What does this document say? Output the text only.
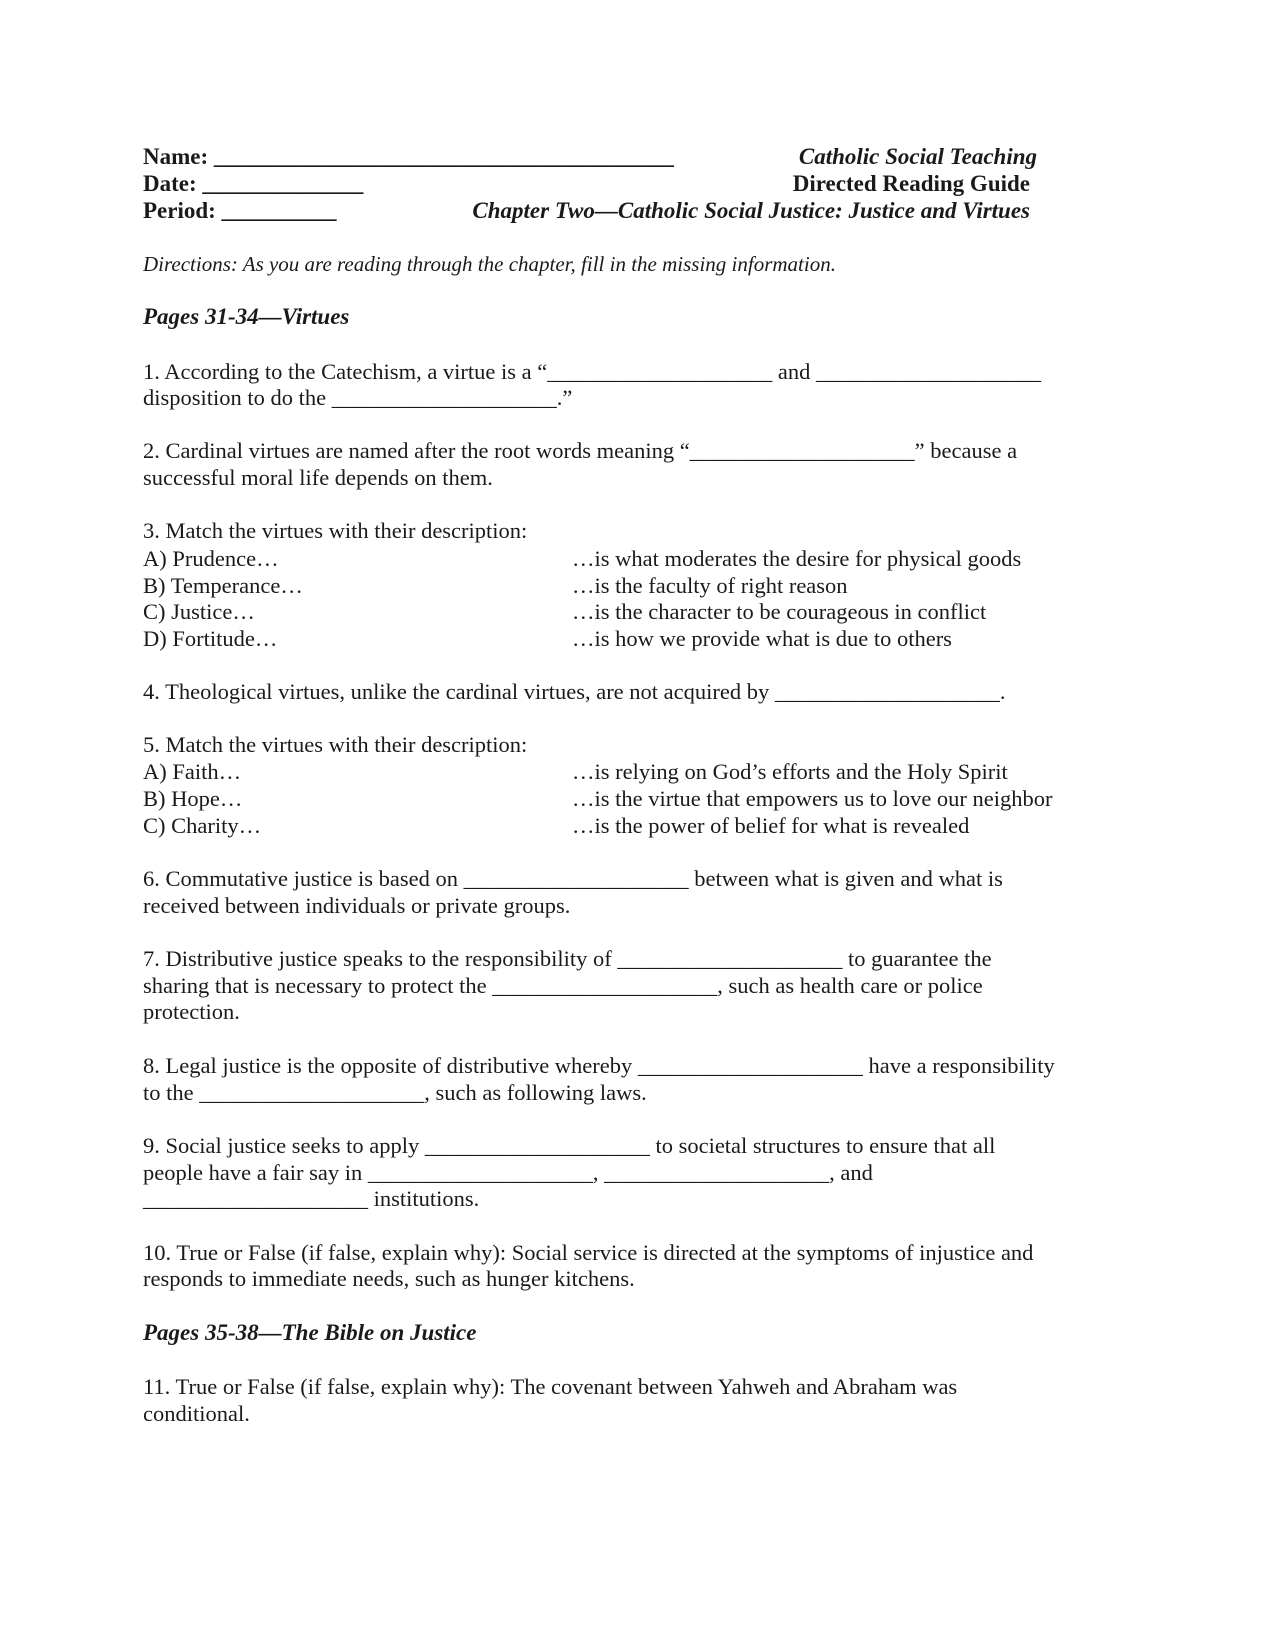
Name: ________________________________________
Date: ______________
Period: __________
Catholic Social Teaching
Directed Reading Guide
Chapter Two—Catholic Social Justice: Justice and Virtues
Directions: As you are reading through the chapter, fill in the missing information.
Pages 31-34—Virtues
1. According to the Catechism, a virtue is a “____________________ and ____________________
disposition to do the ____________________.”
2. Cardinal virtues are named after the root words meaning “____________________” because a
successful moral life depends on them.
3. Match the virtues with their description:
A) Prudence…
B) Temperance…
C) Justice…
D) Fortitude…
…is what moderates the desire for physical goods
…is the faculty of right reason
…is the character to be courageous in conflict
…is how we provide what is due to others
4. Theological virtues, unlike the cardinal virtues, are not acquired by ____________________.
5. Match the virtues with their description:
A) Faith…
B) Hope…
C) Charity…
…is relying on God’s efforts and the Holy Spirit
…is the virtue that empowers us to love our neighbor
…is the power of belief for what is revealed
6. Commutative justice is based on ____________________ between what is given and what is
received between individuals or private groups.
7. Distributive justice speaks to the responsibility of ____________________ to guarantee the
sharing that is necessary to protect the ____________________, such as health care or police
protection.
8. Legal justice is the opposite of distributive whereby ____________________ have a responsibility
to the ____________________, such as following laws.
9. Social justice seeks to apply ____________________ to societal structures to ensure that all
people have a fair say in ____________________, ____________________, and
____________________ institutions.
10. True or False (if false, explain why): Social service is directed at the symptoms of injustice and
responds to immediate needs, such as hunger kitchens.
Pages 35-38—The Bible on Justice
11. True or False (if false, explain why): The covenant between Yahweh and Abraham was
conditional.
